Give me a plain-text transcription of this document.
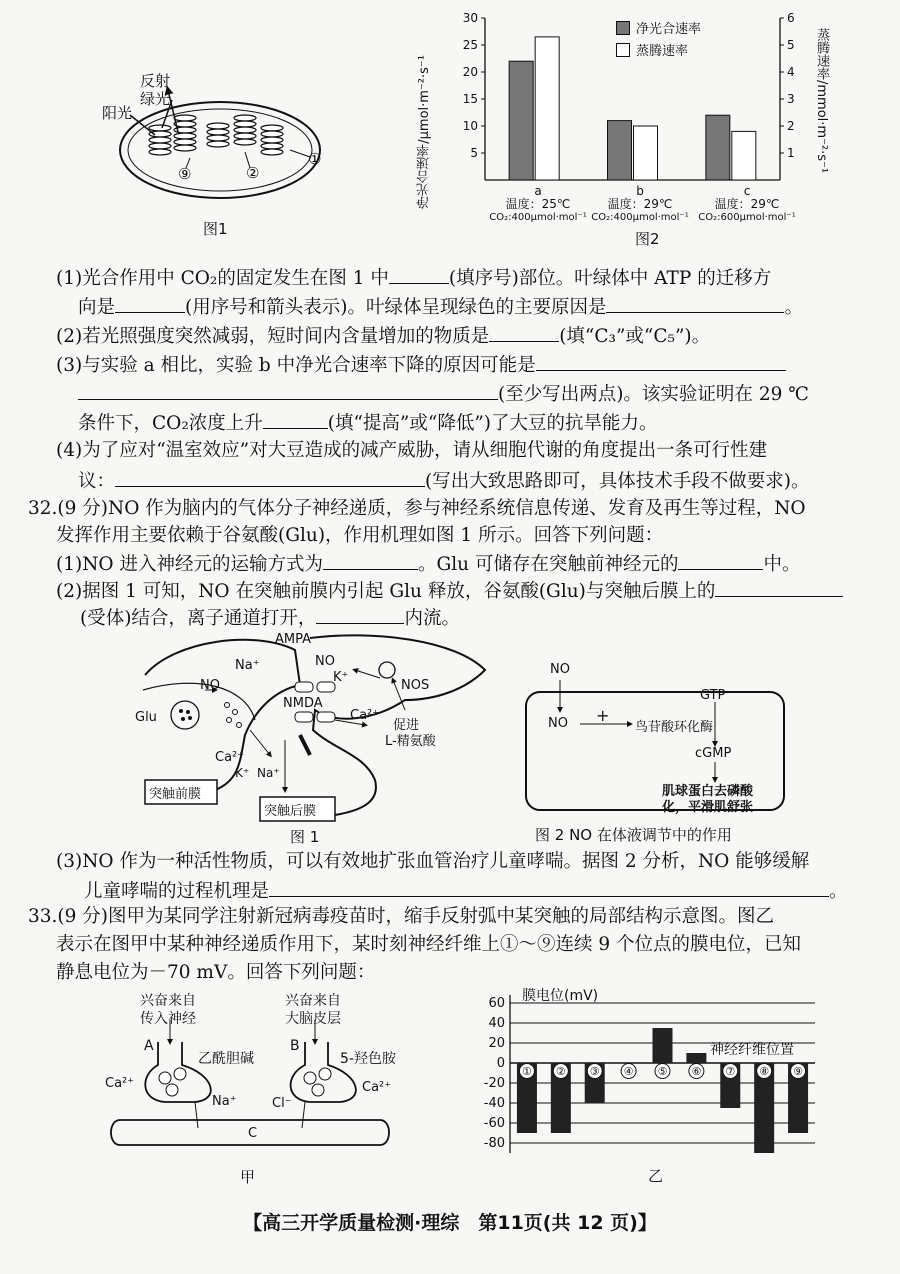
反射
绿光
阳光
①
⑨	②
图1
5
10
15
20
25
30
1
2
3
4
5
6
净光合速率/μmol·m⁻²·s⁻¹	蒸腾速率/mmol·m⁻²·s⁻¹
净光合速率
蒸腾速率
a
温度：25℃
CO₂:400μmol·mol⁻¹
b
温度：29℃
CO₂:400μmol·mol⁻¹
c
温度：29℃
CO₂:600μmol·mol⁻¹
图2
(1)光合作用中 CO₂的固定发生在图 1 中	(填序号)部位。叶绿体中 ATP 的迁移方
向是	(用序号和箭头表示)。叶绿体呈现绿色的主要原因是	。
(2)若光照强度突然减弱，短时间内含量增加的物质是	(填“C₃”或“C₅”)。
(3)与实验 a 相比，实验 b 中净光合速率下降的原因可能是
(至少写出两点)。该实验证明在 29 ℃
条件下，CO₂浓度上升	(填“提高”或“降低”)了大豆的抗旱能力。
(4)为了应对“温室效应”对大豆造成的减产威胁，请从细胞代谢的角度提出一条可行性建
议：	(写出大致思路即可，具体技术手段不做要求)。
32.(9 分)NO 作为脑内的气体分子神经递质，参与神经系统信息传递、发育及再生等过程，NO
发挥作用主要依赖于谷氨酸(Glu)，作用机理如图 1 所示。回答下列问题：
(1)NO 进入神经元的运输方式为	。Glu 可储存在突触前神经元的	中。
(2)据图 1 可知，NO 在突触前膜内引起 Glu 释放，谷氨酸(Glu)与突触后膜上的
(受体)结合，离子通道打开，	内流。
AMPA
Na⁺
K⁺
NO
NO	NOS
NMDA
Ca²⁺
Glu
促进
L-精氨酸
Ca²⁺
K⁺ Na⁺
突触前膜
突触后膜
图 1
NO
NO +
鸟苷酸环化酶
GTP
cGMP
肌球蛋白去磷酸
化，平滑肌舒张
图 2 NO 在体液调节中的作用
(3)NO 作为一种活性物质，可以有效地扩张血管治疗儿童哮喘。据图 2 分析，NO 能够缓解
儿童哮喘的过程机理是	。
33.(9 分)图甲为某同学注射新冠病毒疫苗时，缩手反射弧中某突触的局部结构示意图。图乙
表示在图甲中某种神经递质作用下，某时刻神经纤维上①～⑨连续 9 个位点的膜电位，已知
静息电位为－70 mV。回答下列问题：
兴奋来自
传入神经
兴奋来自
大脑皮层
A	B
乙酰胆碱	5-羟色胺
Ca²⁺	Ca²⁺
Na⁺	Cl⁻
C
甲
-80
-60
-40
-20
0
20
40
60
① ② ③ ④ ⑤ ⑥ ⑦ ⑧ ⑨
膜电位(mV)
神经纤维位置
乙
【高三开学质量检测·理综　第11页(共 12 页)】
